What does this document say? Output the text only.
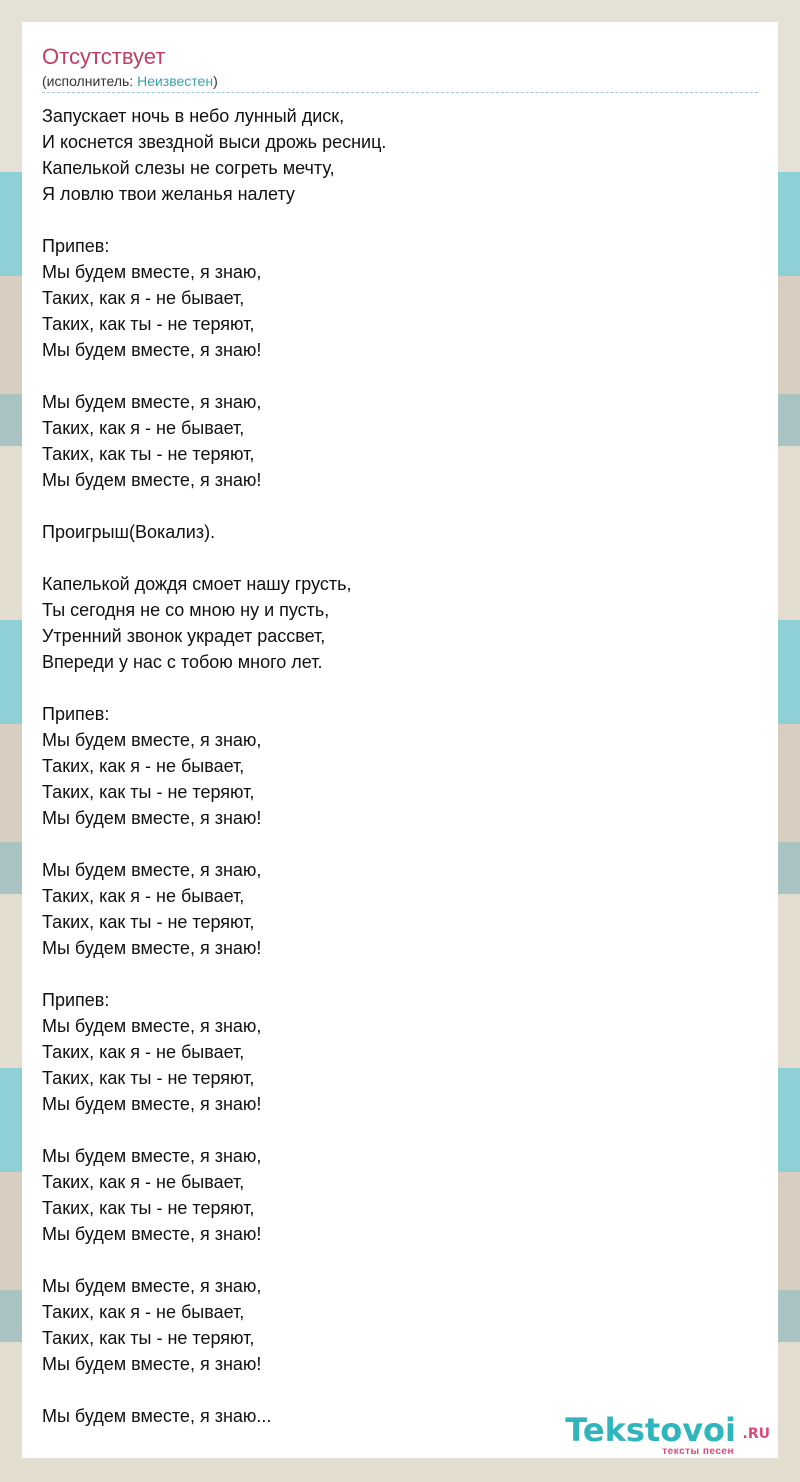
Отсутствует
(исполнитель: Неизвестен)
Запускает ночь в небо лунный диск,
И коснется звездной выси дрожь ресниц.
Капелькой слезы не согреть мечту,
Я ловлю твои желанья налету

Припев:
Мы будем вместе, я знаю,
Таких, как я - не бывает,
Таких, как ты - не теряют,
Мы будем вместе, я знаю!

Мы будем вместе, я знаю,
Таких, как я - не бывает,
Таких, как ты - не теряют,
Мы будем вместе, я знаю!

Проигрыш(Вокализ).

Капелькой дождя смоет нашу грусть,
Ты сегодня не со мною ну и пусть,
Утренний звонок украдет рассвет,
Впереди у нас с тобою много лет.

Припев:
Мы будем вместе, я знаю,
Таких, как я - не бывает,
Таких, как ты - не теряют,
Мы будем вместе, я знаю!

Мы будем вместе, я знаю,
Таких, как я - не бывает,
Таких, как ты - не теряют,
Мы будем вместе, я знаю!

Припев:
Мы будем вместе, я знаю,
Таких, как я - не бывает,
Таких, как ты - не теряют,
Мы будем вместе, я знаю!

Мы будем вместе, я знаю,
Таких, как я - не бывает,
Таких, как ты - не теряют,
Мы будем вместе, я знаю!

Мы будем вместе, я знаю,
Таких, как я - не бывает,
Таких, как ты - не теряют,
Мы будем вместе, я знаю!

Мы будем вместе, я знаю...	Tekstovoi .RU
тексты песен
